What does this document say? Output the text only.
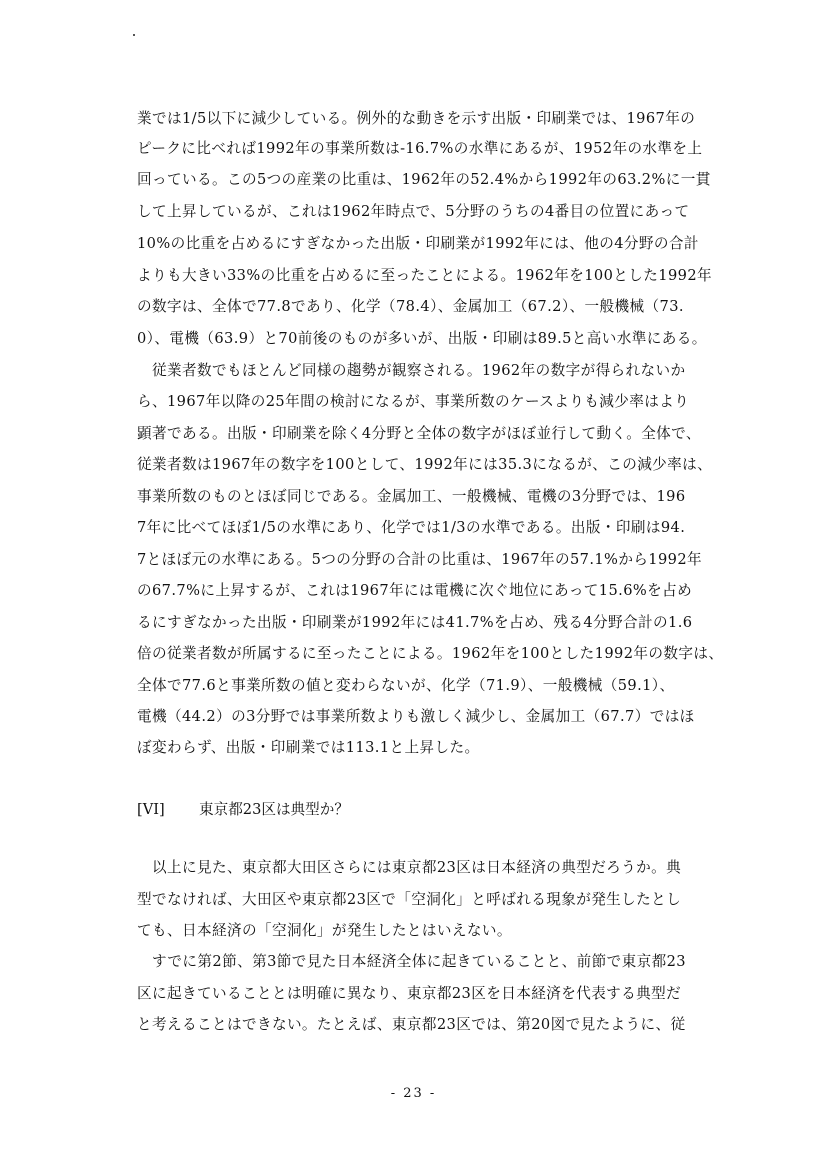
業では1/5以下に減少している。例外的な動きを示す出版・印刷業では、1967年の
ピークに比べれば1992年の事業所数は-16.7%の水準にあるが、1952年の水準を上
回っている。この5つの産業の比重は、1962年の52.4%から1992年の63.2%に一貫
して上昇しているが、これは1962年時点で、5分野のうちの4番目の位置にあって
10%の比重を占めるにすぎなかった出版・印刷業が1992年には、他の4分野の合計
よりも大きい33%の比重を占めるに至ったことによる。1962年を100とした1992年
の数字は、全体で77.8であり、化学（78.4）、金属加工（67.2）、一般機械（73.
0）、電機（63.9）と70前後のものが多いが、出版・印刷は89.5と高い水準にある。
　従業者数でもほとんど同様の趨勢が観察される。1962年の数字が得られないか
ら、1967年以降の25年間の検討になるが、事業所数のケースよりも減少率はより
顕著である。出版・印刷業を除く4分野と全体の数字がほぼ並行して動く。全体で、
従業者数は1967年の数字を100として、1992年には35.3になるが、この減少率は、
事業所数のものとほぼ同じである。金属加工、一般機械、電機の3分野では、196
7年に比べてほぼ1/5の水準にあり、化学では1/3の水準である。出版・印刷は94.
7とほぼ元の水準にある。5つの分野の合計の比重は、1967年の57.1%から1992年
の67.7%に上昇するが、これは1967年には電機に次ぐ地位にあって15.6%を占め
るにすぎなかった出版・印刷業が1992年には41.7%を占め、残る4分野合計の1.6
倍の従業者数が所属するに至ったことによる。1962年を100とした1992年の数字は、
全体で77.6と事業所数の値と変わらないが、化学（71.9）、一般機械（59.1）、
電機（44.2）の3分野では事業所数よりも激しく減少し、金属加工（67.7）ではほ
ぼ変わらず、出版・印刷業では113.1と上昇した。
　以上に見た、東京都大田区さらには東京都23区は日本経済の典型だろうか。典
型でなければ、大田区や東京都23区で「空洞化」と呼ばれる現象が発生したとし
ても、日本経済の「空洞化」が発生したとはいえない。
　すでに第2節、第3節で見た日本経済全体に起きていることと、前節で東京都23
区に起きていることとは明確に異なり、東京都23区を日本経済を代表する典型だ
と考えることはできない。たとえば、東京都23区では、第20図で見たように、従
[VI] 東京都23区は典型か？
- 23 -
